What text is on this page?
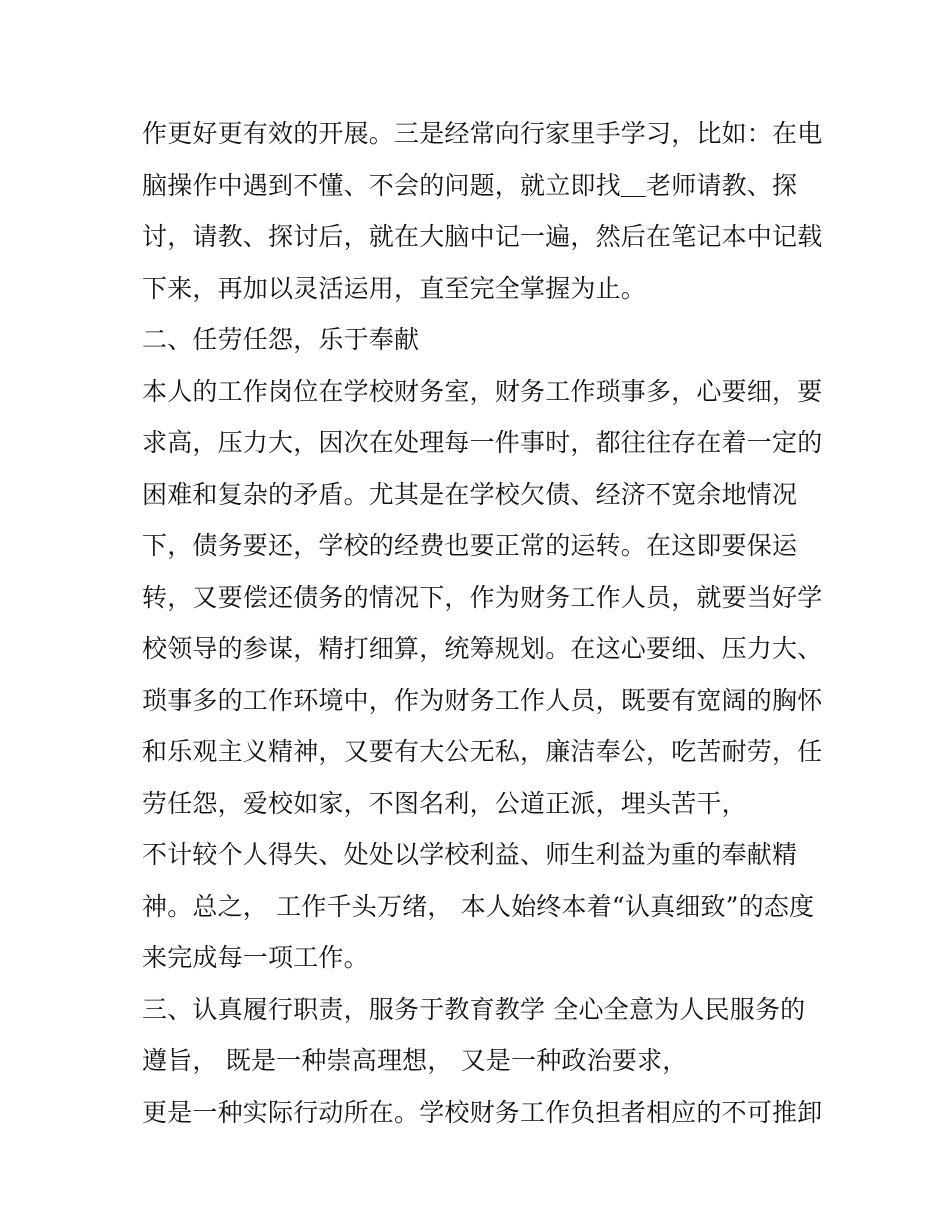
作更好更有效的开展。三是经常向行家里手学习，比如：在电
脑操作中遇到不懂、不会的问题，就立即找＿老师请教、探
讨，请教、探讨后，就在大脑中记一遍，然后在笔记本中记载
下来，再加以灵活运用，直至完全掌握为止。
二、任劳任怨，乐于奉献
本人的工作岗位在学校财务室，财务工作琐事多，心要细，要
求高，压力大，因次在处理每一件事时，都往往存在着一定的
困难和复杂的矛盾。尤其是在学校欠债、经济不宽余地情况
下，债务要还，学校的经费也要正常的运转。在这即要保运
转，又要偿还债务的情况下，作为财务工作人员，就要当好学
校领导的参谋，精打细算，统筹规划。在这心要细、压力大、
琐事多的工作环境中，作为财务工作人员，既要有宽阔的胸怀
和乐观主义精神，又要有大公无私，廉洁奉公，吃苦耐劳，任
劳任怨，爱校如家，不图名利，公道正派，埋头苦干，
不计较个人得失、处处以学校利益、师生利益为重的奉献精
神。总之， 工作千头万绪， 本人始终本着“认真细致”的态度
来完成每一项工作。
三、认真履行职责，服务于教育教学 全心全意为人民服务的
遵旨， 既是一种崇高理想， 又是一种政治要求，
更是一种实际行动所在。学校财务工作负担者相应的不可推卸
